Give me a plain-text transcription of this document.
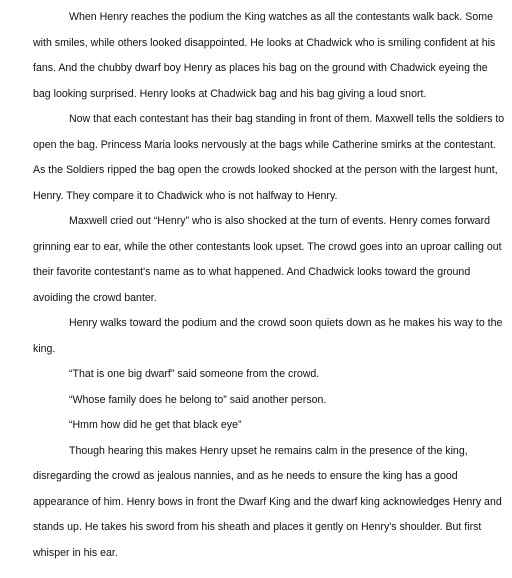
When Henry reaches the podium the King watches as all the contestants walk back. Some with smiles, while others looked disappointed. He looks at Chadwick who is smiling confident at his fans. And the chubby dwarf boy Henry as places his bag on the ground with Chadwick eyeing the bag looking surprised. Henry looks at Chadwick bag and his bag giving a loud snort.

Now that each contestant has their bag standing in front of them. Maxwell tells the soldiers to open the bag. Princess Maria looks nervously at the bags while Catherine smirks at the contestant. As the Soldiers ripped the bag open the crowds looked shocked at the person with the largest hunt, Henry. They compare it to Chadwick who is not halfway to Henry.

Maxwell cried out “Henry” who is also shocked at the turn of events. Henry comes forward grinning ear to ear, while the other contestants look upset. The crowd goes into an uproar calling out their favorite contestant's name as to what happened. And Chadwick looks toward the ground avoiding the crowd banter.

Henry walks toward the podium and the crowd soon quiets down as he makes his way to the king.

“That is one big dwarf” said someone from the crowd.

“Whose family does he belong to” said another person.

“Hmm how did he get that black eye”

Though hearing this makes Henry upset he remains calm in the presence of the king, disregarding the crowd as jealous nannies, and as he needs to ensure the king has a good appearance of him. Henry bows in front the Dwarf King and the dwarf king acknowledges Henry and stands up. He takes his sword from his sheath and places it gently on Henry's shoulder. But first whisper in his ear.
